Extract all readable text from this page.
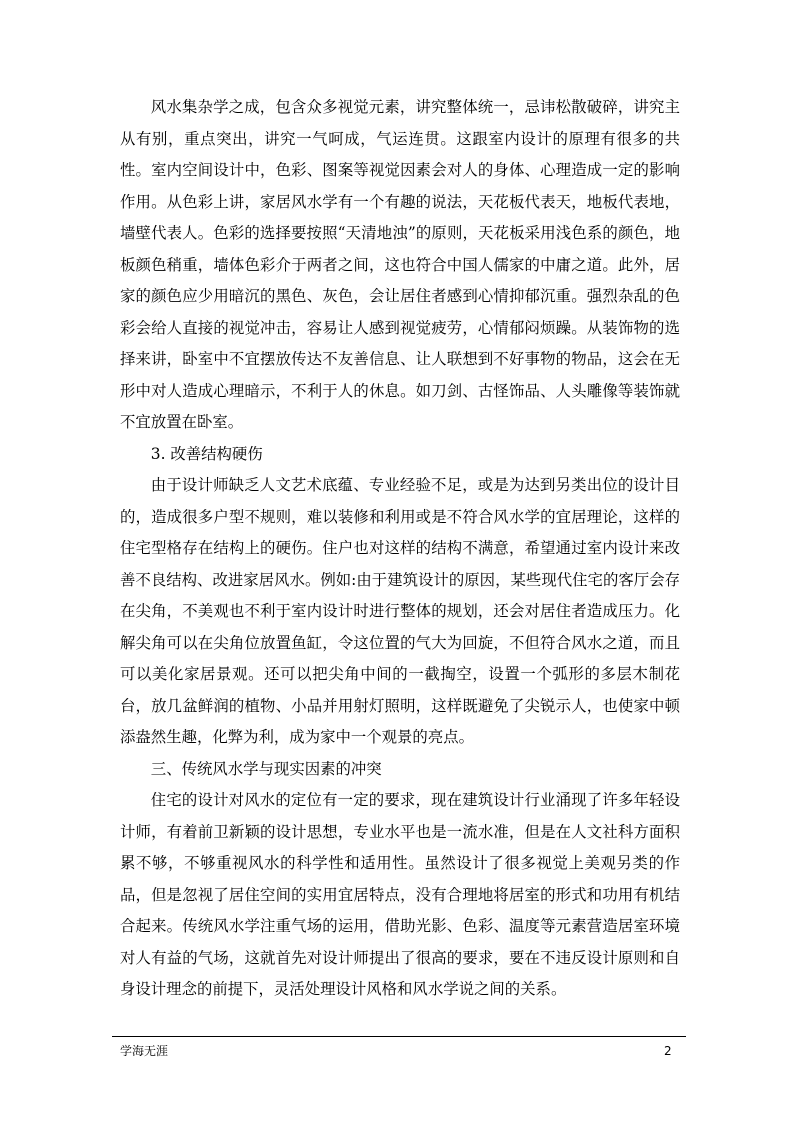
风水集杂学之成，包含众多视觉元素，讲究整体统一，忌讳松散破碎，讲究主从有别，重点突出，讲究一气呵成，气运连贯。这跟室内设计的原理有很多的共性。室内空间设计中，色彩、图案等视觉因素会对人的身体、心理造成一定的影响作用。从色彩上讲，家居风水学有一个有趣的说法，天花板代表天，地板代表地，墙壁代表人。色彩的选择要按照“天清地浊”的原则，天花板采用浅色系的颜色，地板颜色稍重，墙体色彩介于两者之间，这也符合中国人儒家的中庸之道。此外，居家的颜色应少用暗沉的黑色、灰色，会让居住者感到心情抑郁沉重。强烈杂乱的色彩会给人直接的视觉冲击，容易让人感到视觉疲劳，心情郁闷烦躁。从装饰物的选择来讲，卧室中不宜摆放传达不友善信息、让人联想到不好事物的物品，这会在无形中对人造成心理暗示，不利于人的休息。如刀剑、古怪饰品、人头雕像等装饰就不宜放置在卧室。

3. 改善结构硬伤

由于设计师缺乏人文艺术底蕴、专业经验不足，或是为达到另类出位的设计目的，造成很多户型不规则，难以装修和利用或是不符合风水学的宜居理论，这样的住宅型格存在结构上的硬伤。住户也对这样的结构不满意，希望通过室内设计来改善不良结构、改进家居风水。例如:由于建筑设计的原因，某些现代住宅的客厅会存在尖角，不美观也不利于室内设计时进行整体的规划，还会对居住者造成压力。化解尖角可以在尖角位放置鱼缸，令这位置的气大为回旋，不但符合风水之道，而且可以美化家居景观。还可以把尖角中间的一截掏空，设置一个弧形的多层木制花台，放几盆鲜润的植物、小品并用射灯照明，这样既避免了尖锐示人，也使家中顿添盎然生趣，化弊为利，成为家中一个观景的亮点。

三、传统风水学与现实因素的冲突

住宅的设计对风水的定位有一定的要求，现在建筑设计行业涌现了许多年轻设计师，有着前卫新颖的设计思想，专业水平也是一流水准，但是在人文社科方面积累不够，不够重视风水的科学性和适用性。虽然设计了很多视觉上美观另类的作品，但是忽视了居住空间的实用宜居特点，没有合理地将居室的形式和功用有机结合起来。传统风水学注重气场的运用，借助光影、色彩、温度等元素营造居室环境对人有益的气场，这就首先对设计师提出了很高的要求，要在不违反设计原则和自身设计理念的前提下，灵活处理设计风格和风水学说之间的关系。

学海无涯	2
